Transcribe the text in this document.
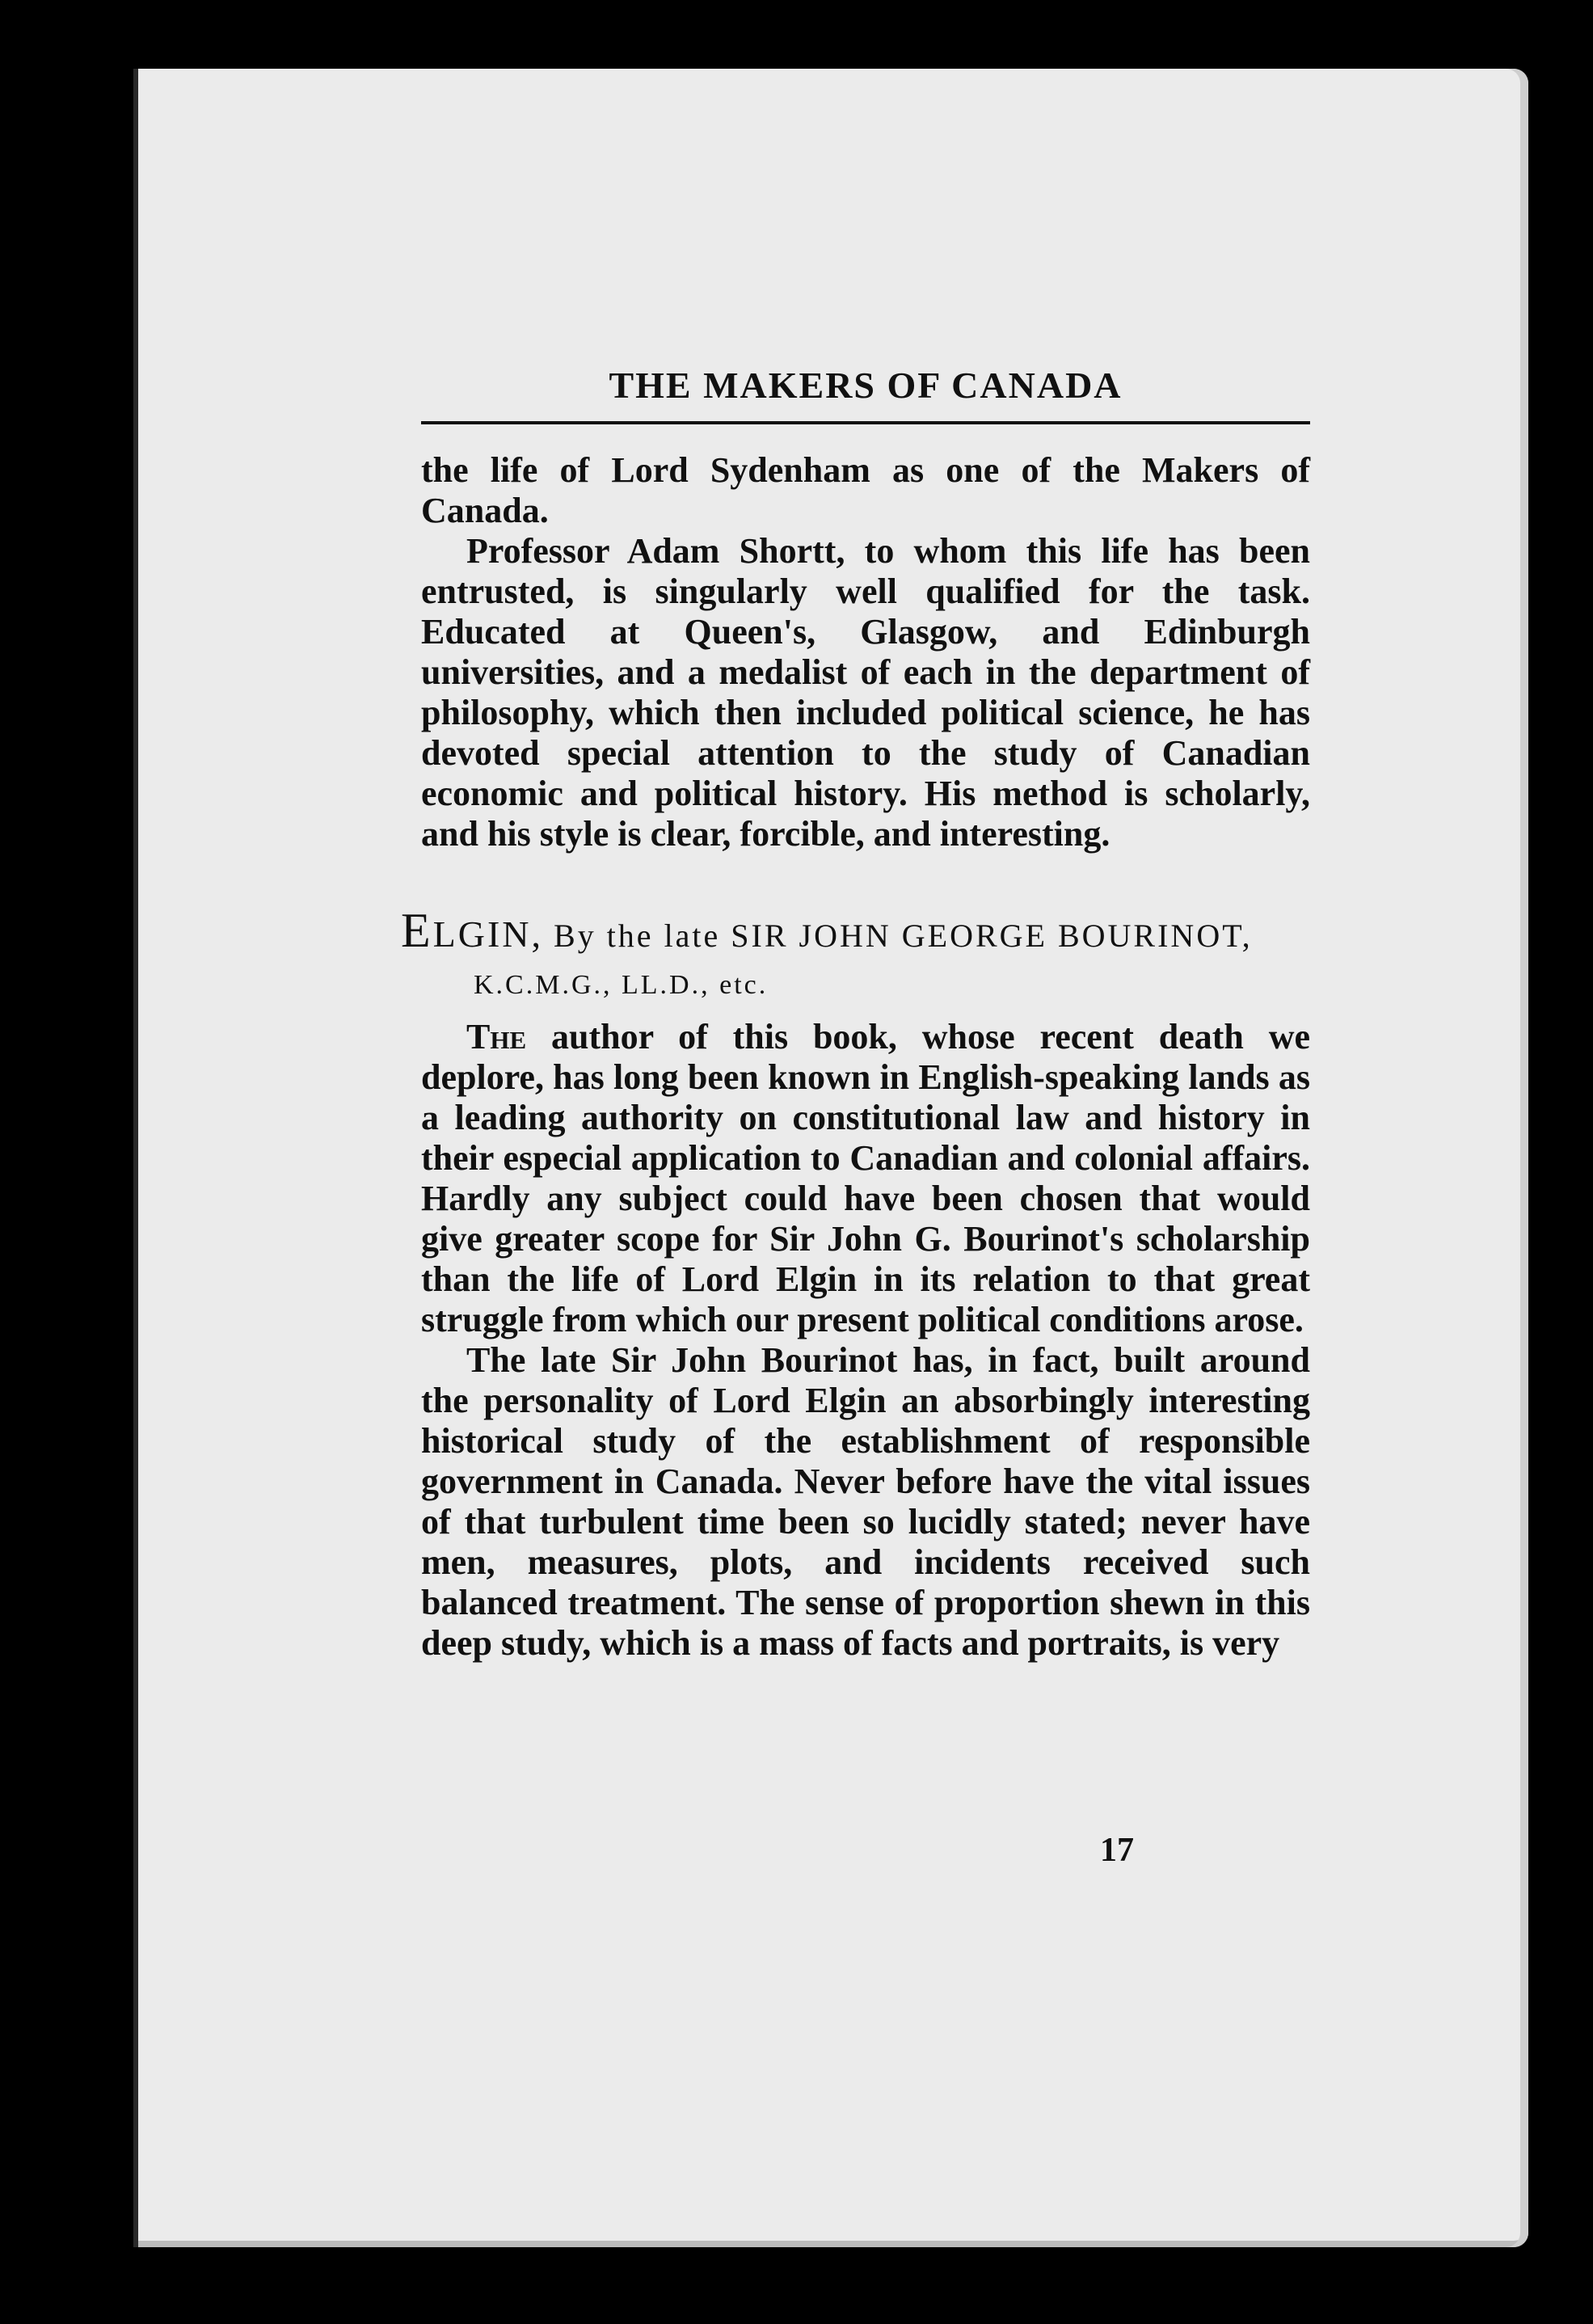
THE MAKERS OF CANADA

the life of Lord Sydenham as one of the Makers of Canada.

Professor Adam Shortt, to whom this life has been entrusted, is singularly well qualified for the task. Educated at Queen's, Glasgow, and Edinburgh universities, and a medalist of each in the department of philosophy, which then included political science, he has devoted special attention to the study of Canadian economic and political history. His method is scholarly, and his style is clear, forcible, and interesting.

ELGIN, By the late SIR JOHN GEORGE BOURINOT,
K.C.M.G., LL.D., etc.

The author of this book, whose recent death we deplore, has long been known in English-speaking lands as a leading authority on constitutional law and history in their especial application to Canadian and colonial affairs. Hardly any subject could have been chosen that would give greater scope for Sir John G. Bourinot's scholarship than the life of Lord Elgin in its relation to that great struggle from which our present political conditions arose.

The late Sir John Bourinot has, in fact, built around the personality of Lord Elgin an absorbingly interesting historical study of the establishment of responsible government in Canada. Never before have the vital issues of that turbulent time been so lucidly stated; never have men, measures, plots, and incidents received such balanced treatment. The sense of proportion shewn in this deep study, which is a mass of facts and portraits, is very

17
